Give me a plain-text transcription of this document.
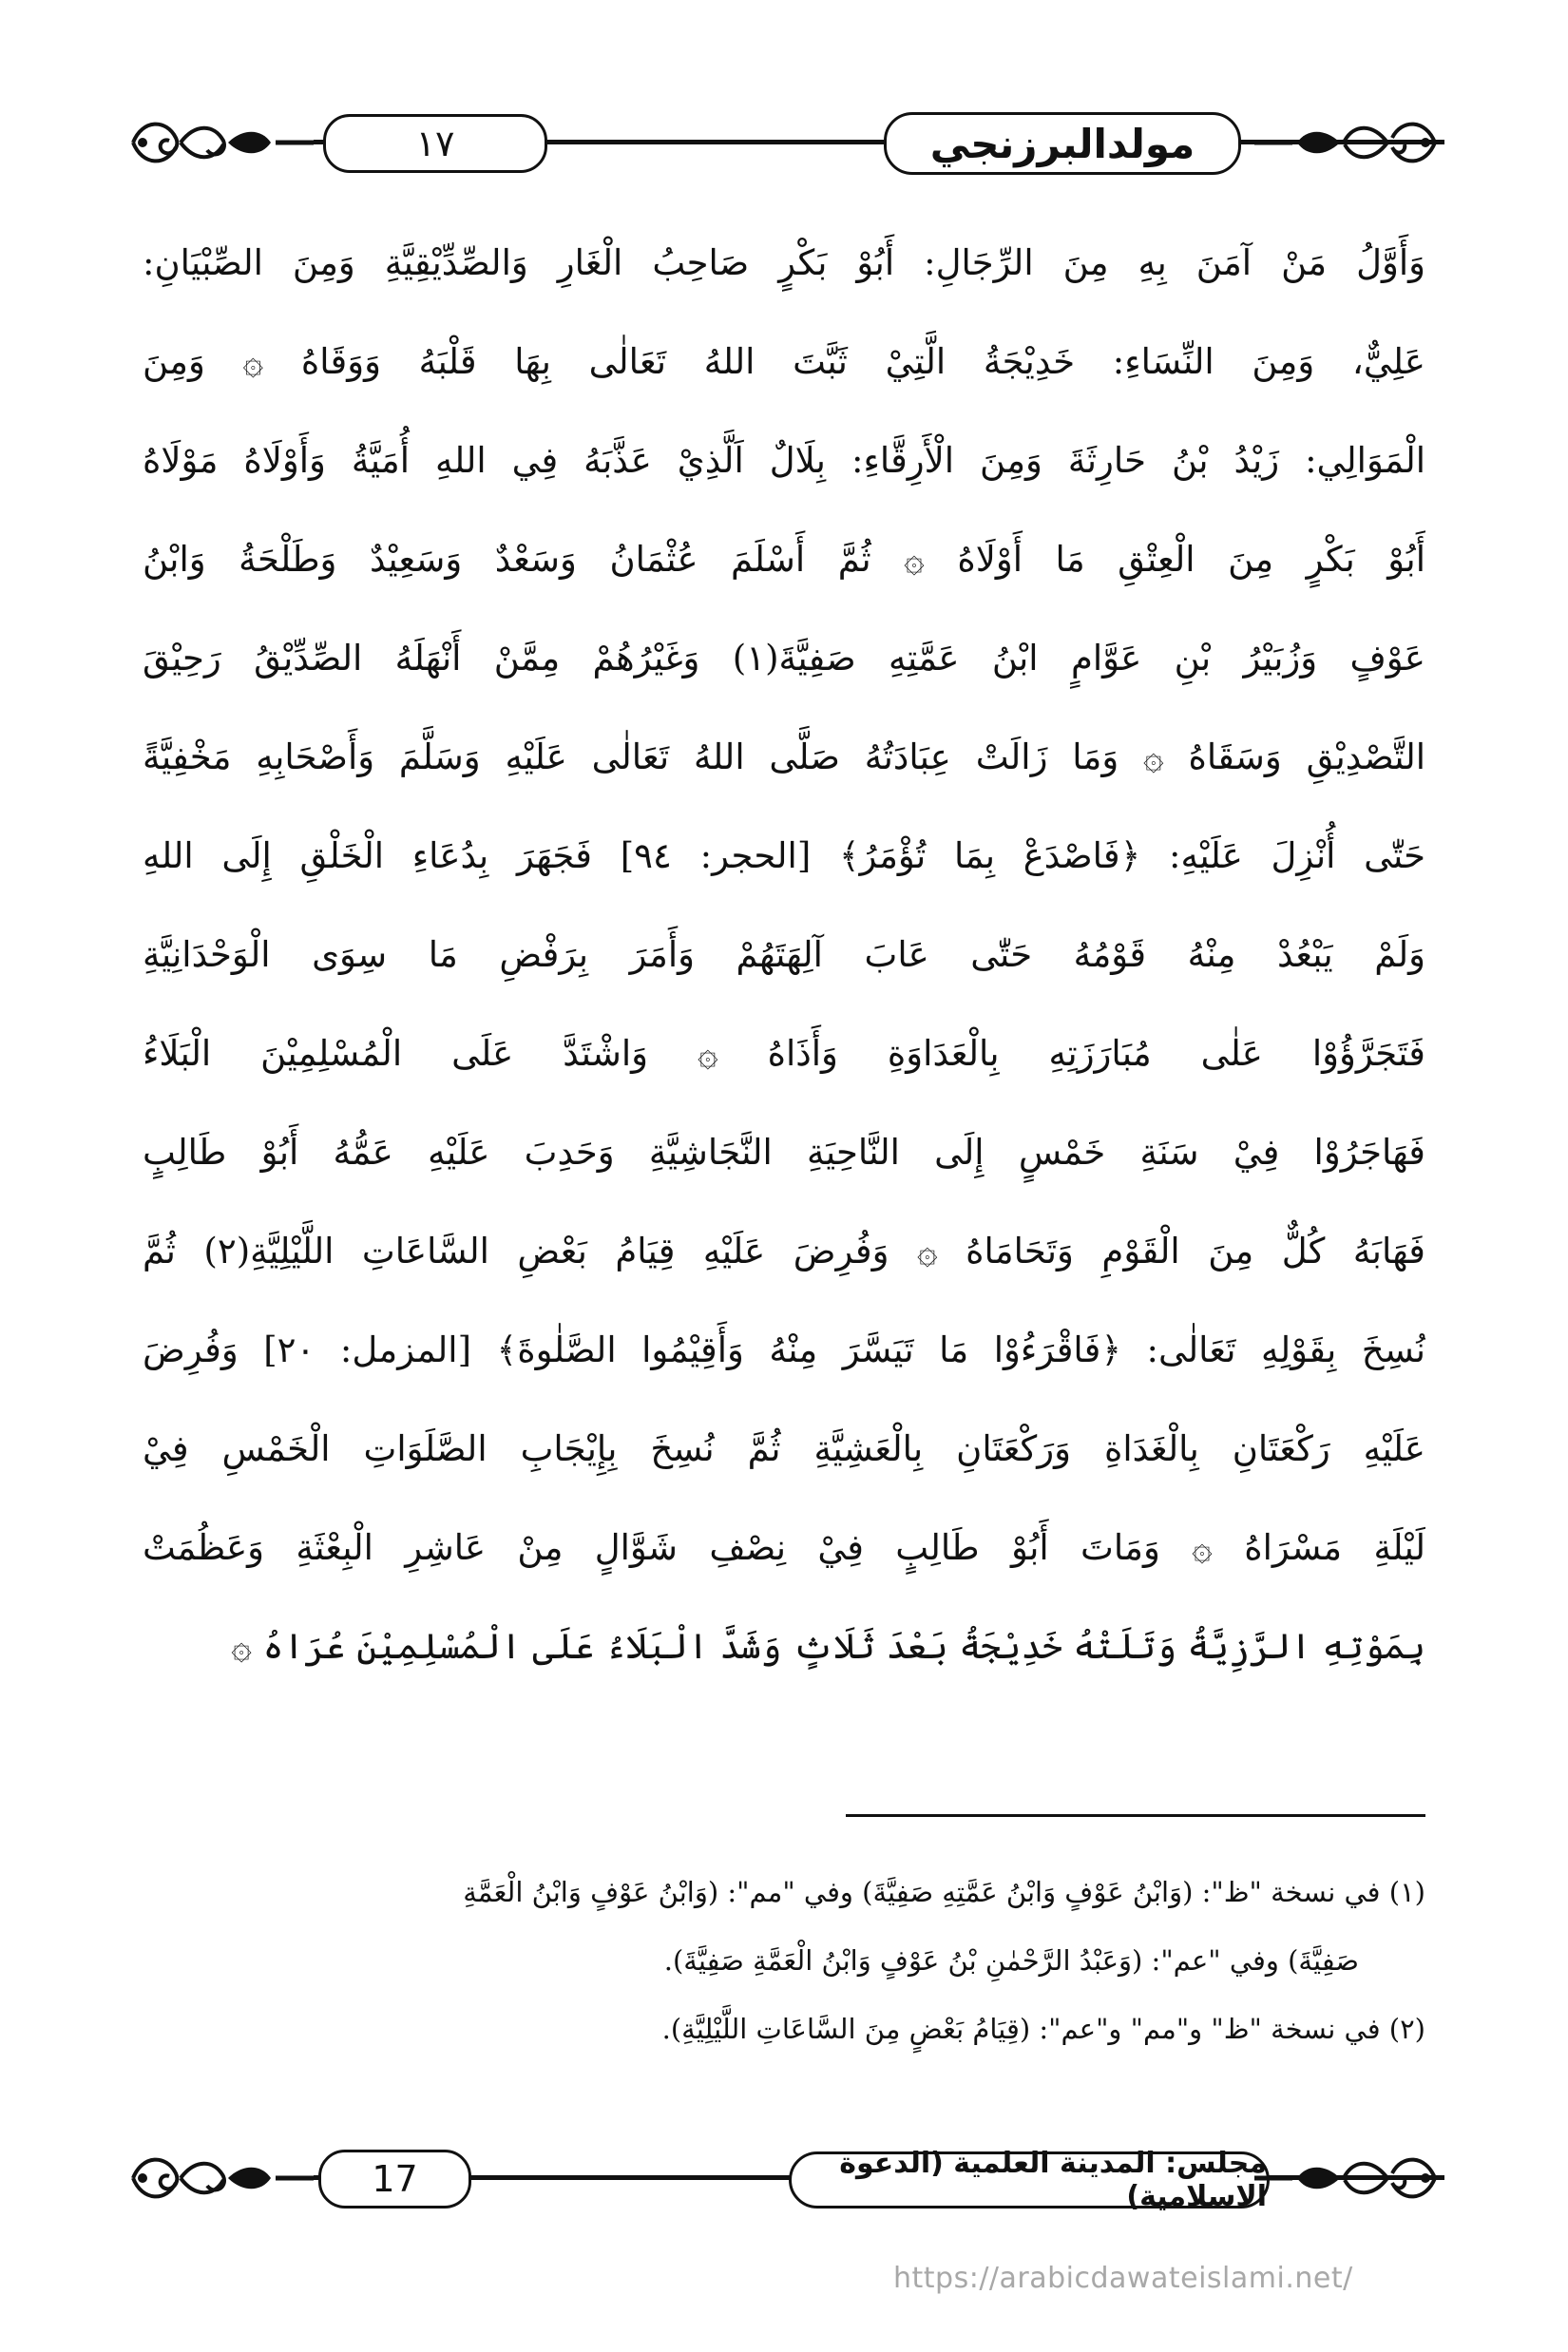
١٧	مولدالبرزنجي
وَأَوَّلُ مَنْ آمَنَ بِهِ مِنَ الرِّجَالِ: أَبُوْ بَكْرٍ صَاحِبُ الْغَارِ وَالصِّدِّيْقِيَّةِ وَمِنَ الصِّبْيَانِ:
عَلِيٌّ، وَمِنَ النِّسَاءِ: خَدِيْجَةُ الَّتِيْ ثَبَّتَ اللهُ تَعَالٰى بِهَا قَلْبَهُ وَوَقَاهُ ۞ وَمِنَ
الْمَوَالِي: زَيْدُ بْنُ حَارِثَةَ وَمِنَ الْأَرِقَّاءِ: بِلَالٌ اَلَّذِيْ عَذَّبَهُ فِي اللهِ أُمَيَّةُ وَأَوْلَاهُ مَوْلَاهُ
أَبُوْ بَكْرٍ مِنَ الْعِتْقِ مَا أَوْلَاهُ ۞ ثُمَّ أَسْلَمَ عُثْمَانُ وَسَعْدٌ وَسَعِيْدٌ وَطَلْحَةُ وَابْنُ
عَوْفٍ وَزُبَيْرُ بْنِ عَوَّامٍ ابْنُ عَمَّتِهِ صَفِيَّةَ(١) وَغَيْرُهُمْ مِمَّنْ أَنْهَلَهُ الصِّدِّيْقُ رَحِيْقَ
التَّصْدِيْقِ وَسَقَاهُ ۞ وَمَا زَالَتْ عِبَادَتُهُ صَلَّى اللهُ تَعَالٰى عَلَيْهِ وَسَلَّمَ وَأَصْحَابِهِ مَخْفِيَّةً
حَتّٰى أُنْزِلَ عَلَيْهِ: ﴿فَاصْدَعْ بِمَا تُؤْمَرُ﴾ [الحجر: ٩٤] فَجَهَرَ بِدُعَاءِ الْخَلْقِ إِلَى اللهِ
وَلَمْ يَبْعُدْ مِنْهُ قَوْمُهُ حَتّٰى عَابَ آلِهَتَهُمْ وَأَمَرَ بِرَفْضِ مَا سِوَى الْوَحْدَانِيَّةِ
فَتَجَرَّؤُوْا عَلٰى مُبَارَزَتِهِ بِالْعَدَاوَةِ وَأَذَاهُ ۞ وَاشْتَدَّ عَلَى الْمُسْلِمِيْنَ الْبَلَاءُ
فَهَاجَرُوْا فِيْ سَنَةِ خَمْسٍ إِلَى النَّاحِيَةِ النَّجَاشِيَّةِ وَحَدِبَ عَلَيْهِ عَمُّهُ أَبُوْ طَالِبٍ
فَهَابَهُ كُلٌّ مِنَ الْقَوْمِ وَتَحَامَاهُ ۞ وَفُرِضَ عَلَيْهِ قِيَامُ بَعْضِ السَّاعَاتِ اللَّيْلِيَّةِ(٢) ثُمَّ
نُسِخَ بِقَوْلِهِ تَعَالٰى: ﴿فَاقْرَءُوْا مَا تَيَسَّرَ مِنْهُ وَأَقِيْمُوا الصَّلٰوةَ﴾ [المزمل: ٢٠] وَفُرِضَ
عَلَيْهِ رَكْعَتَانِ بِالْغَدَاةِ وَرَكْعَتَانِ بِالْعَشِيَّةِ ثُمَّ نُسِخَ بِإِيْجَابِ الصَّلَوَاتِ الْخَمْسِ فِيْ
لَيْلَةِ مَسْرَاهُ ۞ وَمَاتَ أَبُوْ طَالِبٍ فِيْ نِصْفِ شَوَّالٍ مِنْ عَاشِرِ الْبِعْثَةِ وَعَظُمَتْ
بِمَوْتِهِ الرَّزِيَّةُ وَتَلَتْهُ خَدِيْجَةُ بَعْدَ ثَلَاثٍ وَشَدَّ الْبَلَاءُ عَلَى الْمُسْلِمِيْنَ عُرَاهُ ۞
(١) في نسخة "ظ": (وَابْنُ عَوْفٍ وَابْنُ عَمَّتِهِ صَفِيَّةَ) وفي "مم": (وَابْنُ عَوْفٍ وَابْنُ الْعَمَّةِ
صَفِيَّةَ) وفي "عم": (وَعَبْدُ الرَّحْمٰنِ بْنُ عَوْفٍ وَابْنُ الْعَمَّةِ صَفِيَّةَ).
(٢) في نسخة "ظ" و"مم" و"عم": (قِيَامُ بَعْضٍ مِنَ السَّاعَاتِ اللَّيْلِيَّةِ).
17	مجلس: المدينة العلمية (الدعوة الاسلامية)
https://arabicdawateislami.net/
